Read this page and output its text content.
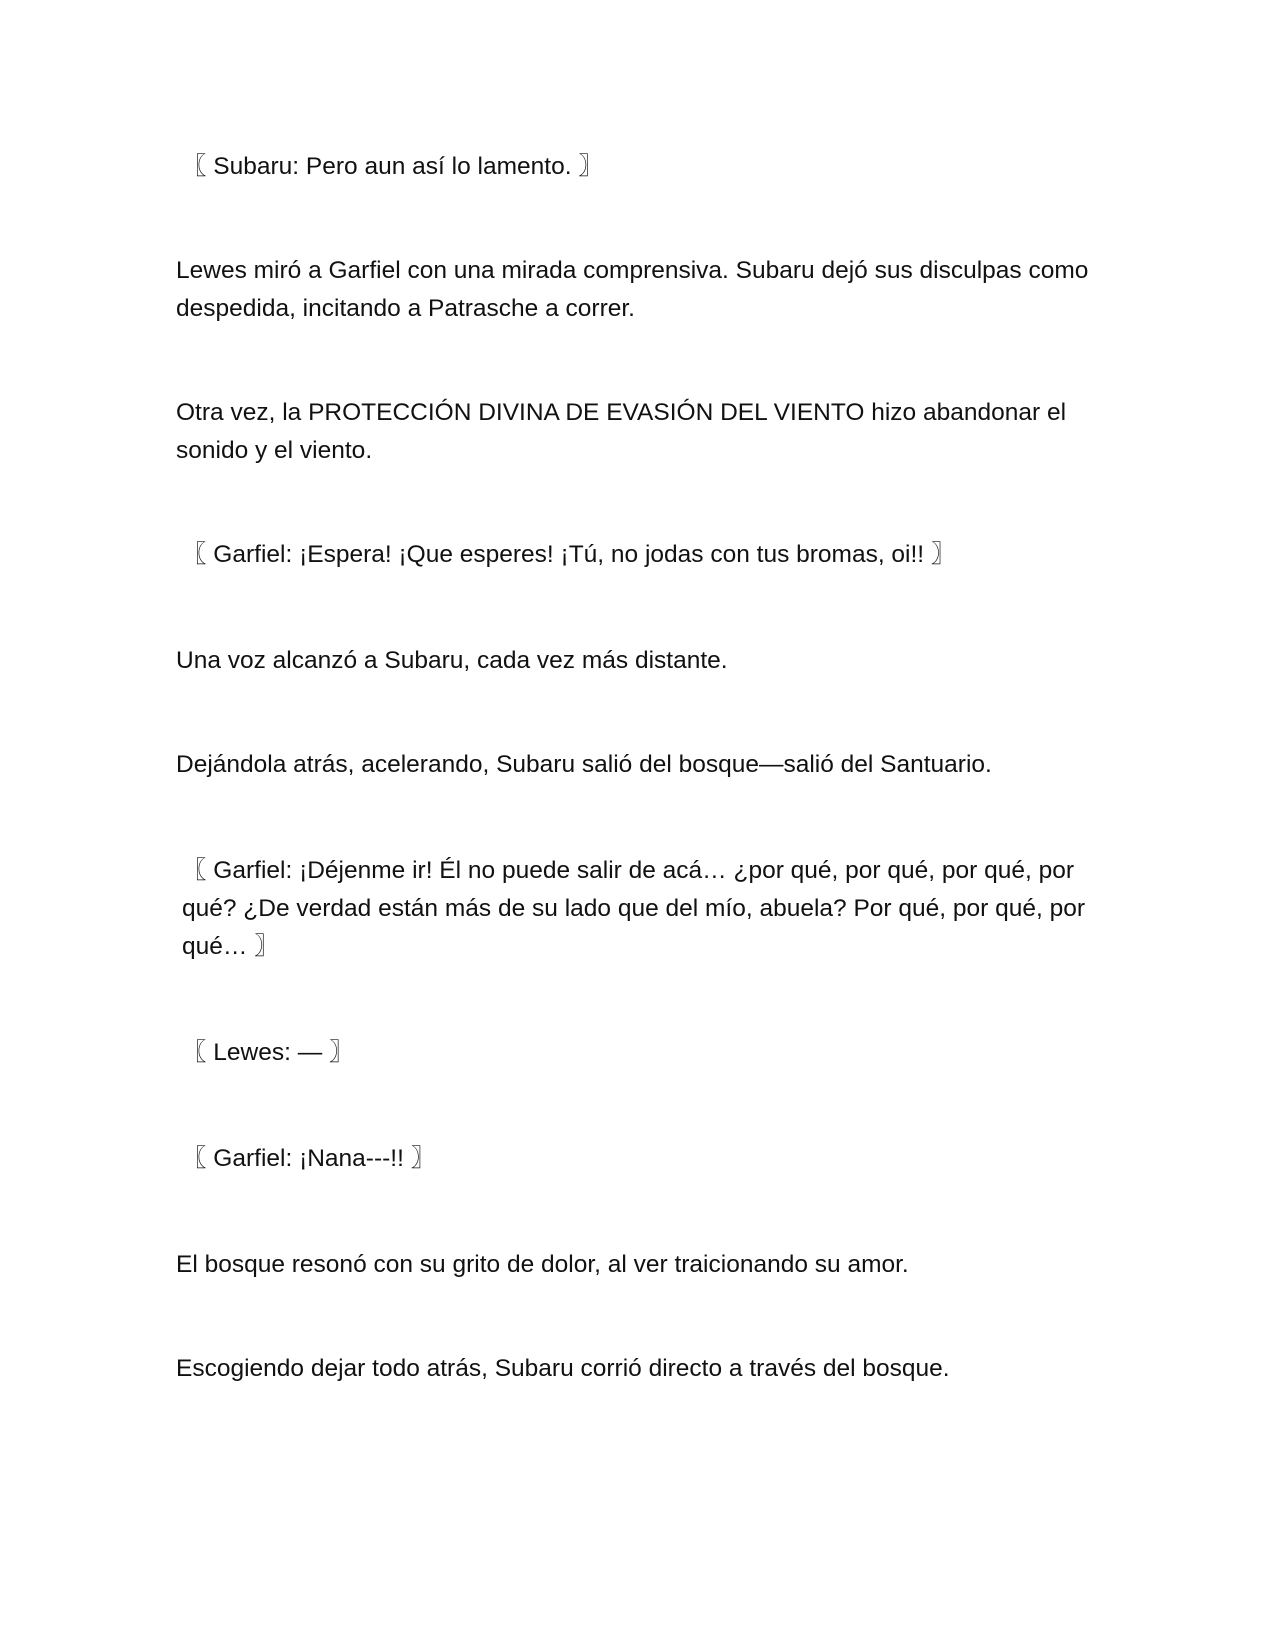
〖 Subaru: Pero aun así lo lamento. 〗

Lewes miró a Garfiel con una mirada comprensiva. Subaru dejó sus disculpas como despedida, incitando a Patrasche a correr.

Otra vez, la PROTECCIÓN DIVINA DE EVASIÓN DEL VIENTO hizo abandonar el sonido y el viento.

〖 Garfiel: ¡Espera! ¡Que esperes! ¡Tú, no jodas con tus bromas, oi!! 〗

Una voz alcanzó a Subaru, cada vez más distante.

Dejándola atrás, acelerando, Subaru salió del bosque—salió del Santuario.

〖 Garfiel: ¡Déjenme ir! Él no puede salir de acá… ¿por qué, por qué, por qué, por qué? ¿De verdad están más de su lado que del mío, abuela? Por qué, por qué, por qué… 〗

〖 Lewes: — 〗

〖 Garfiel: ¡Nana---!! 〗

El bosque resonó con su grito de dolor, al ver traicionando su amor.

Escogiendo dejar todo atrás, Subaru corrió directo a través del bosque.
